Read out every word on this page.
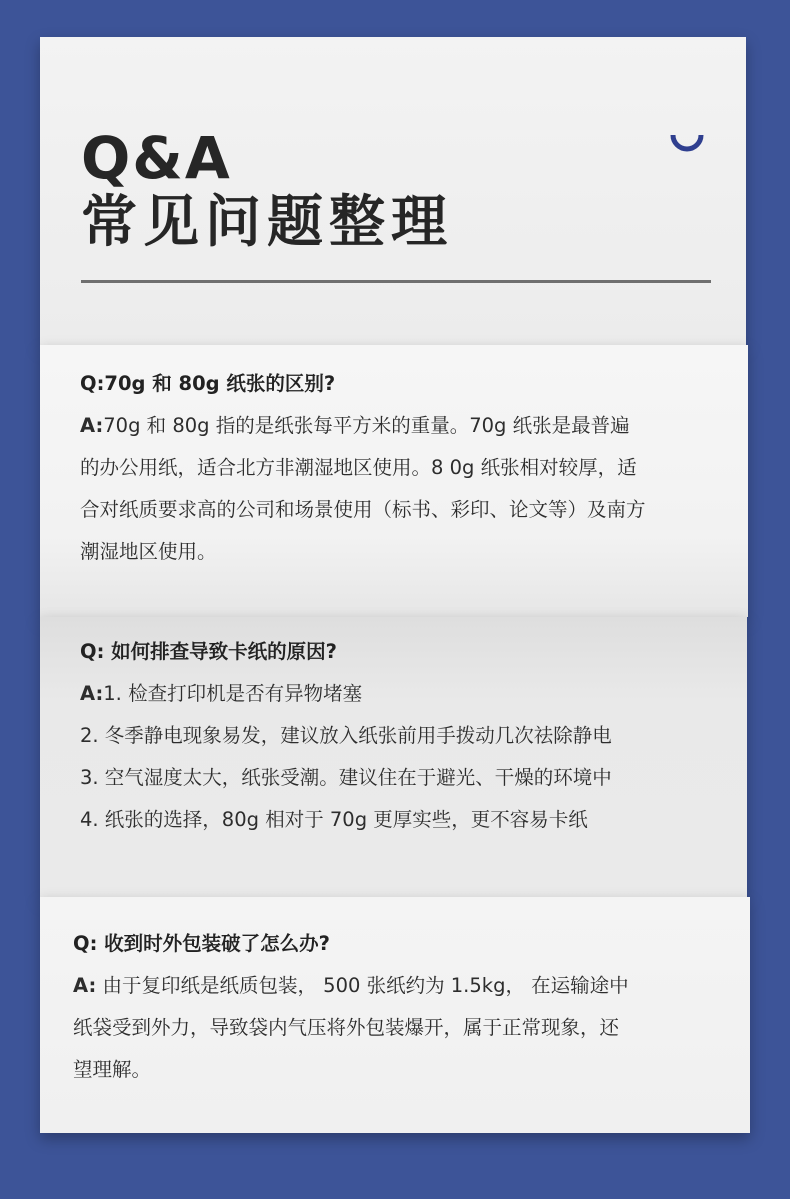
Q&A
常见问题整理
Q:70g 和 80g 纸张的区别?
A:70g 和 80g 指的是纸张每平方米的重量。70g 纸张是最普遍
的办公用纸，适合北方非潮湿地区使用。8 0g 纸张相对较厚，适
合对纸质要求高的公司和场景使用（标书、彩印、论文等）及南方
潮湿地区使用。
Q: 如何排查导致卡纸的原因?
A:1. 检查打印机是否有异物堵塞
2. 冬季静电现象易发，建议放入纸张前用手拨动几次祛除静电
3. 空气湿度太大，纸张受潮。建议住在于避光、干燥的环境中
4. 纸张的选择，80g 相对于 70g 更厚实些，更不容易卡纸
Q: 收到时外包装破了怎么办?
A: 由于复印纸是纸质包装， 500 张纸约为 1.5kg， 在运输途中
纸袋受到外力，导致袋内气压将外包装爆开，属于正常现象，还
望理解。
